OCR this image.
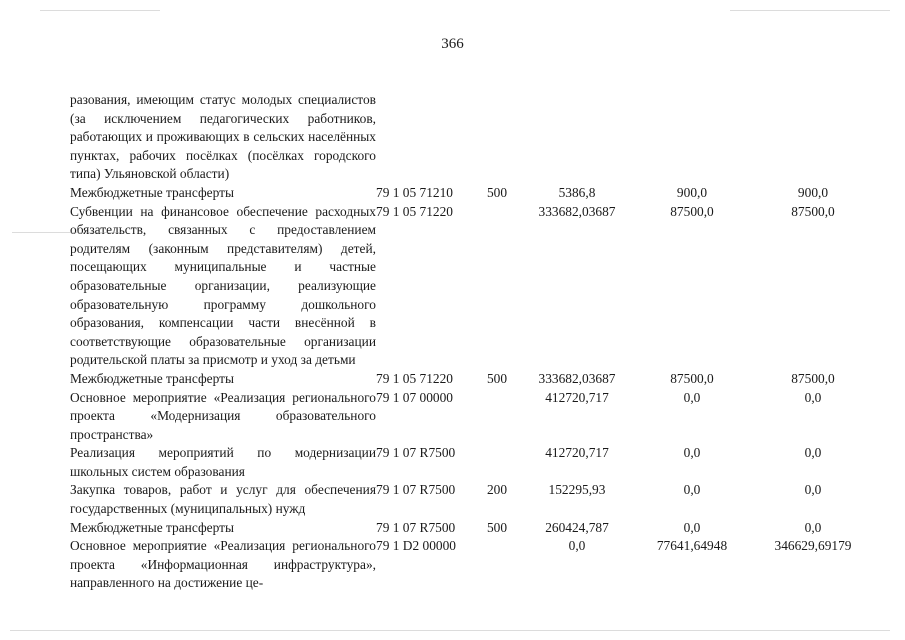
366
разования, имеющим статус молодых специалистов (за исключением педагогических работников, работающих и проживающих в сельских населённых пунктах, рабочих посёлках (посёлках городского типа) Ульяновской области)					
Межбюджетные трансферты	79 1 05 71210	500	5386,8	900,0	900,0
Субвенции на финансовое обеспечение расходных обязательств, связанных с предоставлением родителям (законным представителям) детей, посещающих муниципальные и частные образовательные организации, реализующие образовательную программу дошкольного образования, компенсации части внесённой в соответствующие образовательные организации родительской платы за присмотр и уход за детьми	79 1 05 71220		333682,03687	87500,0	87500,0
Межбюджетные трансферты	79 1 05 71220	500	333682,03687	87500,0	87500,0
Основное мероприятие «Реализация регионального проекта «Модернизация образовательного пространства»	79 1 07 00000		412720,717	0,0	0,0
Реализация мероприятий по модернизации школьных систем образования	79 1 07 R7500		412720,717	0,0	0,0
Закупка товаров, работ и услуг для обеспечения государственных (муниципальных) нужд	79 1 07 R7500	200	152295,93	0,0	0,0
Межбюджетные трансферты	79 1 07 R7500	500	260424,787	0,0	0,0
Основное мероприятие «Реализация регионального проекта «Информационная инфраструктура», направленного на достижение це-	79 1 D2 00000		0,0	77641,64948	346629,69179
